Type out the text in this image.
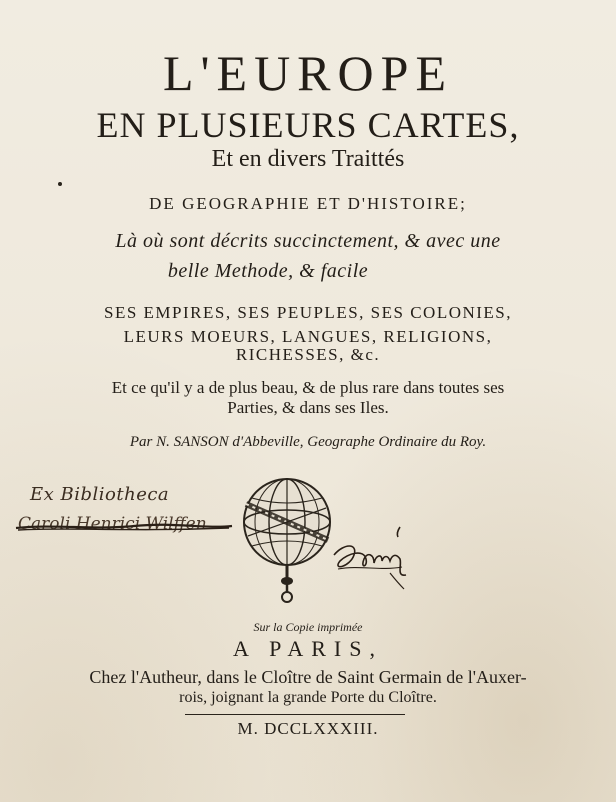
L'EUROPE
EN PLUSIEURS CARTES,
Et en divers Traittés
DE GEOGRAPHIE ET D'HISTOIRE;
Là où sont décrits succinctement, & avec une
belle Methode, & facile
SES EMPIRES, SES PEUPLES, SES COLONIES,
LEURS MOEURS, LANGUES, RELIGIONS,
RICHESSES, &c.
Et ce qu'il y a de plus beau, & de plus rare dans toutes ses
Parties, & dans ses Iles.
Par N. SANSON d'Abbeville, Geographe Ordinaire du Roy.
Ex Bibliotheca
Caroli Henrici Wilffen
Sur la Copie imprimée
A PARIS,
Chez l'Autheur, dans le Cloître de Saint Germain de l'Auxer-
rois, joignant la grande Porte du Cloître.
M. DCCLXXXIII.
